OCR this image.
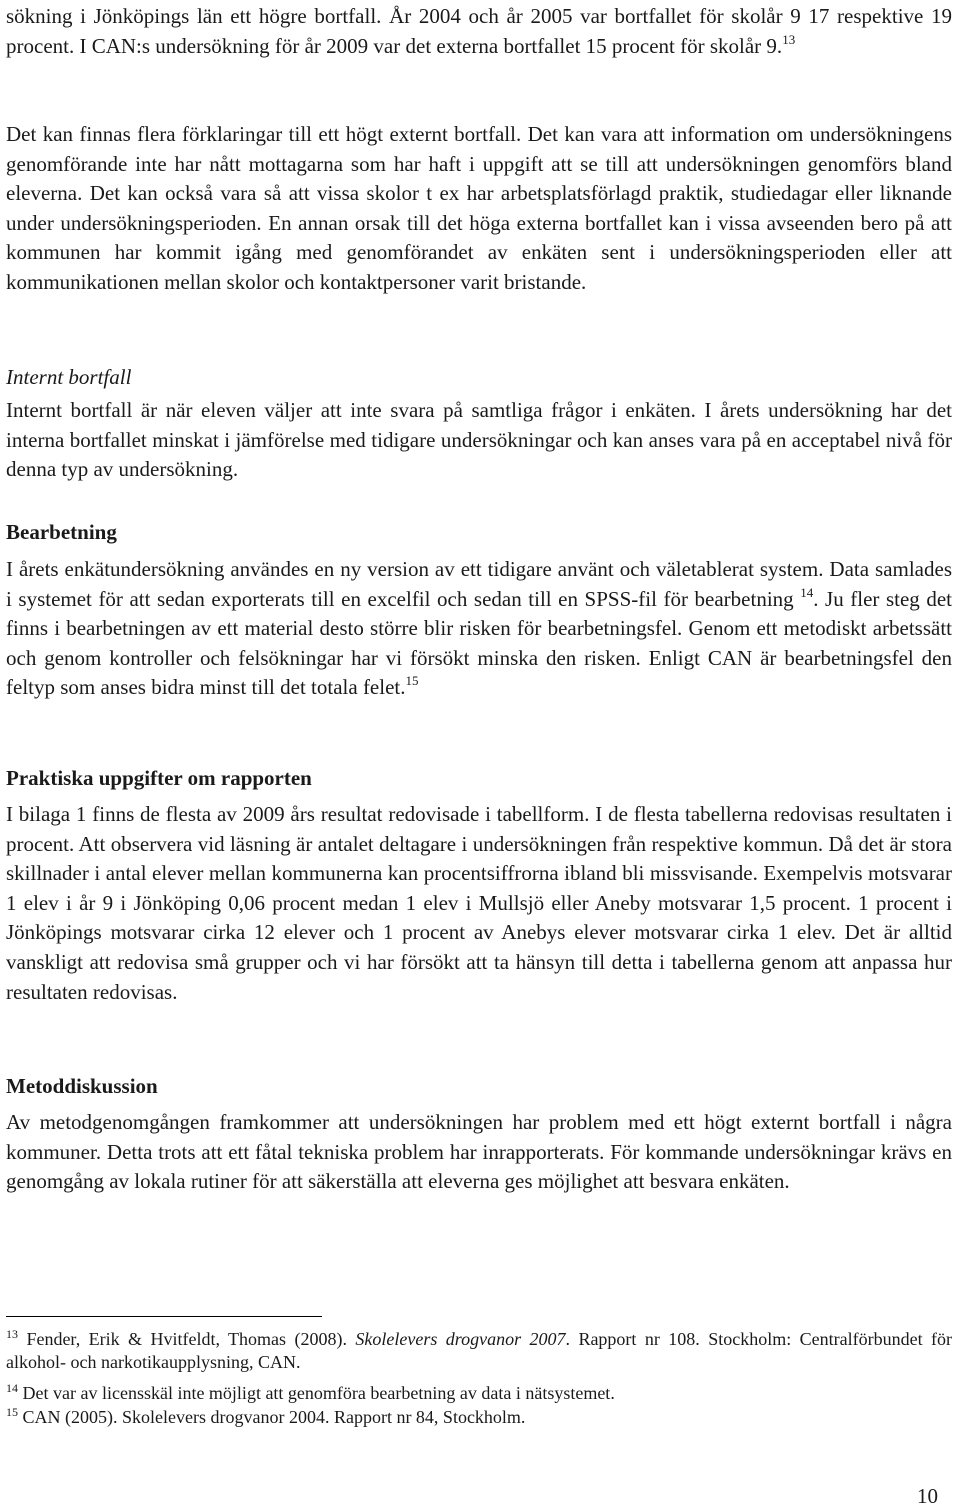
sökning i Jönköpings län ett högre bortfall. År 2004 och år 2005 var bortfallet för skolår 9 17 respektive 19 procent. I CAN:s undersökning för år 2009 var det externa bortfallet 15 procent för skolår 9.13

Det kan finnas flera förklaringar till ett högt externt bortfall. Det kan vara att information om undersökningens genomförande inte har nått mottagarna som har haft i uppgift att se till att undersökningen genomförs bland eleverna. Det kan också vara så att vissa skolor t ex har arbetsplatsförlagd praktik, studiedagar eller liknande under undersökningsperioden. En annan orsak till det höga externa bortfallet kan i vissa avseenden bero på att kommunen har kommit igång med genomförandet av enkäten sent i undersökningsperioden eller att kommunikationen mellan skolor och kontaktpersoner varit bristande.

Internt bortfall

Internt bortfall är när eleven väljer att inte svara på samtliga frågor i enkäten. I årets undersökning har det interna bortfallet minskat i jämförelse med tidigare undersökningar och kan anses vara på en acceptabel nivå för denna typ av undersökning.

Bearbetning

I årets enkätundersökning användes en ny version av ett tidigare använt och väletablerat system. Data samlades i systemet för att sedan exporterats till en excelfil och sedan till en SPSS-fil för bearbetning $^{14}$. Ju fler steg det finns i bearbetningen av ett material desto större blir risken för bearbetningsfel. Genom ett metodiskt arbetssätt och genom kontroller och felsökningar har vi försökt minska den risken. Enligt CAN är bearbetningsfel den feltyp som anses bidra minst till det totala felet.$^{15}$

Praktiska uppgifter om rapporten

I bilaga 1 finns de flesta av 2009 års resultat redovisade i tabellform. I de flesta tabellerna redovisas resultaten i procent. Att observera vid läsning är antalet deltagare i undersökningen från respektive kommun. Då det är stora skillnader i antal elever mellan kommunerna kan procentsiffrorna ibland bli missvisande. Exempelvis motsvarar 1 elev i år 9 i Jönköping 0,06 procent medan 1 elev i Mullsjö eller Aneby motsvarar 1,5 procent. 1 procent i Jönköpings motsvarar cirka 12 elever och 1 procent av Anebys elever motsvarar cirka 1 elev. Det är alltid vanskligt att redovisa små grupper och vi har försökt att ta hänsyn till detta i tabellerna genom att anpassa hur resultaten redovisas.

Metoddiskussion

Av metodgenomgången framkommer att undersökningen har problem med ett högt externt bortfall i några kommuner. Detta trots att ett fåtal tekniska problem har inrapporterats. För kommande undersökningar krävs en genomgång av lokala rutiner för att säkerställa att eleverna ges möjlighet att besvara enkäten.

$^{13}$ Fender, Erik & Hvitfeldt, Thomas (2008). Skolelevers drogvanor 2007. Rapport nr 108. Stockholm: Centralförbundet för alkohol- och narkotikaupplysning, CAN.

$^{14}$ Det var av licensskäl inte möjligt att genomföra bearbetning av data i nätsystemet.

$^{15}$ CAN (2005). Skolelevers drogvanor 2004. Rapport nr 84, Stockholm.

10
